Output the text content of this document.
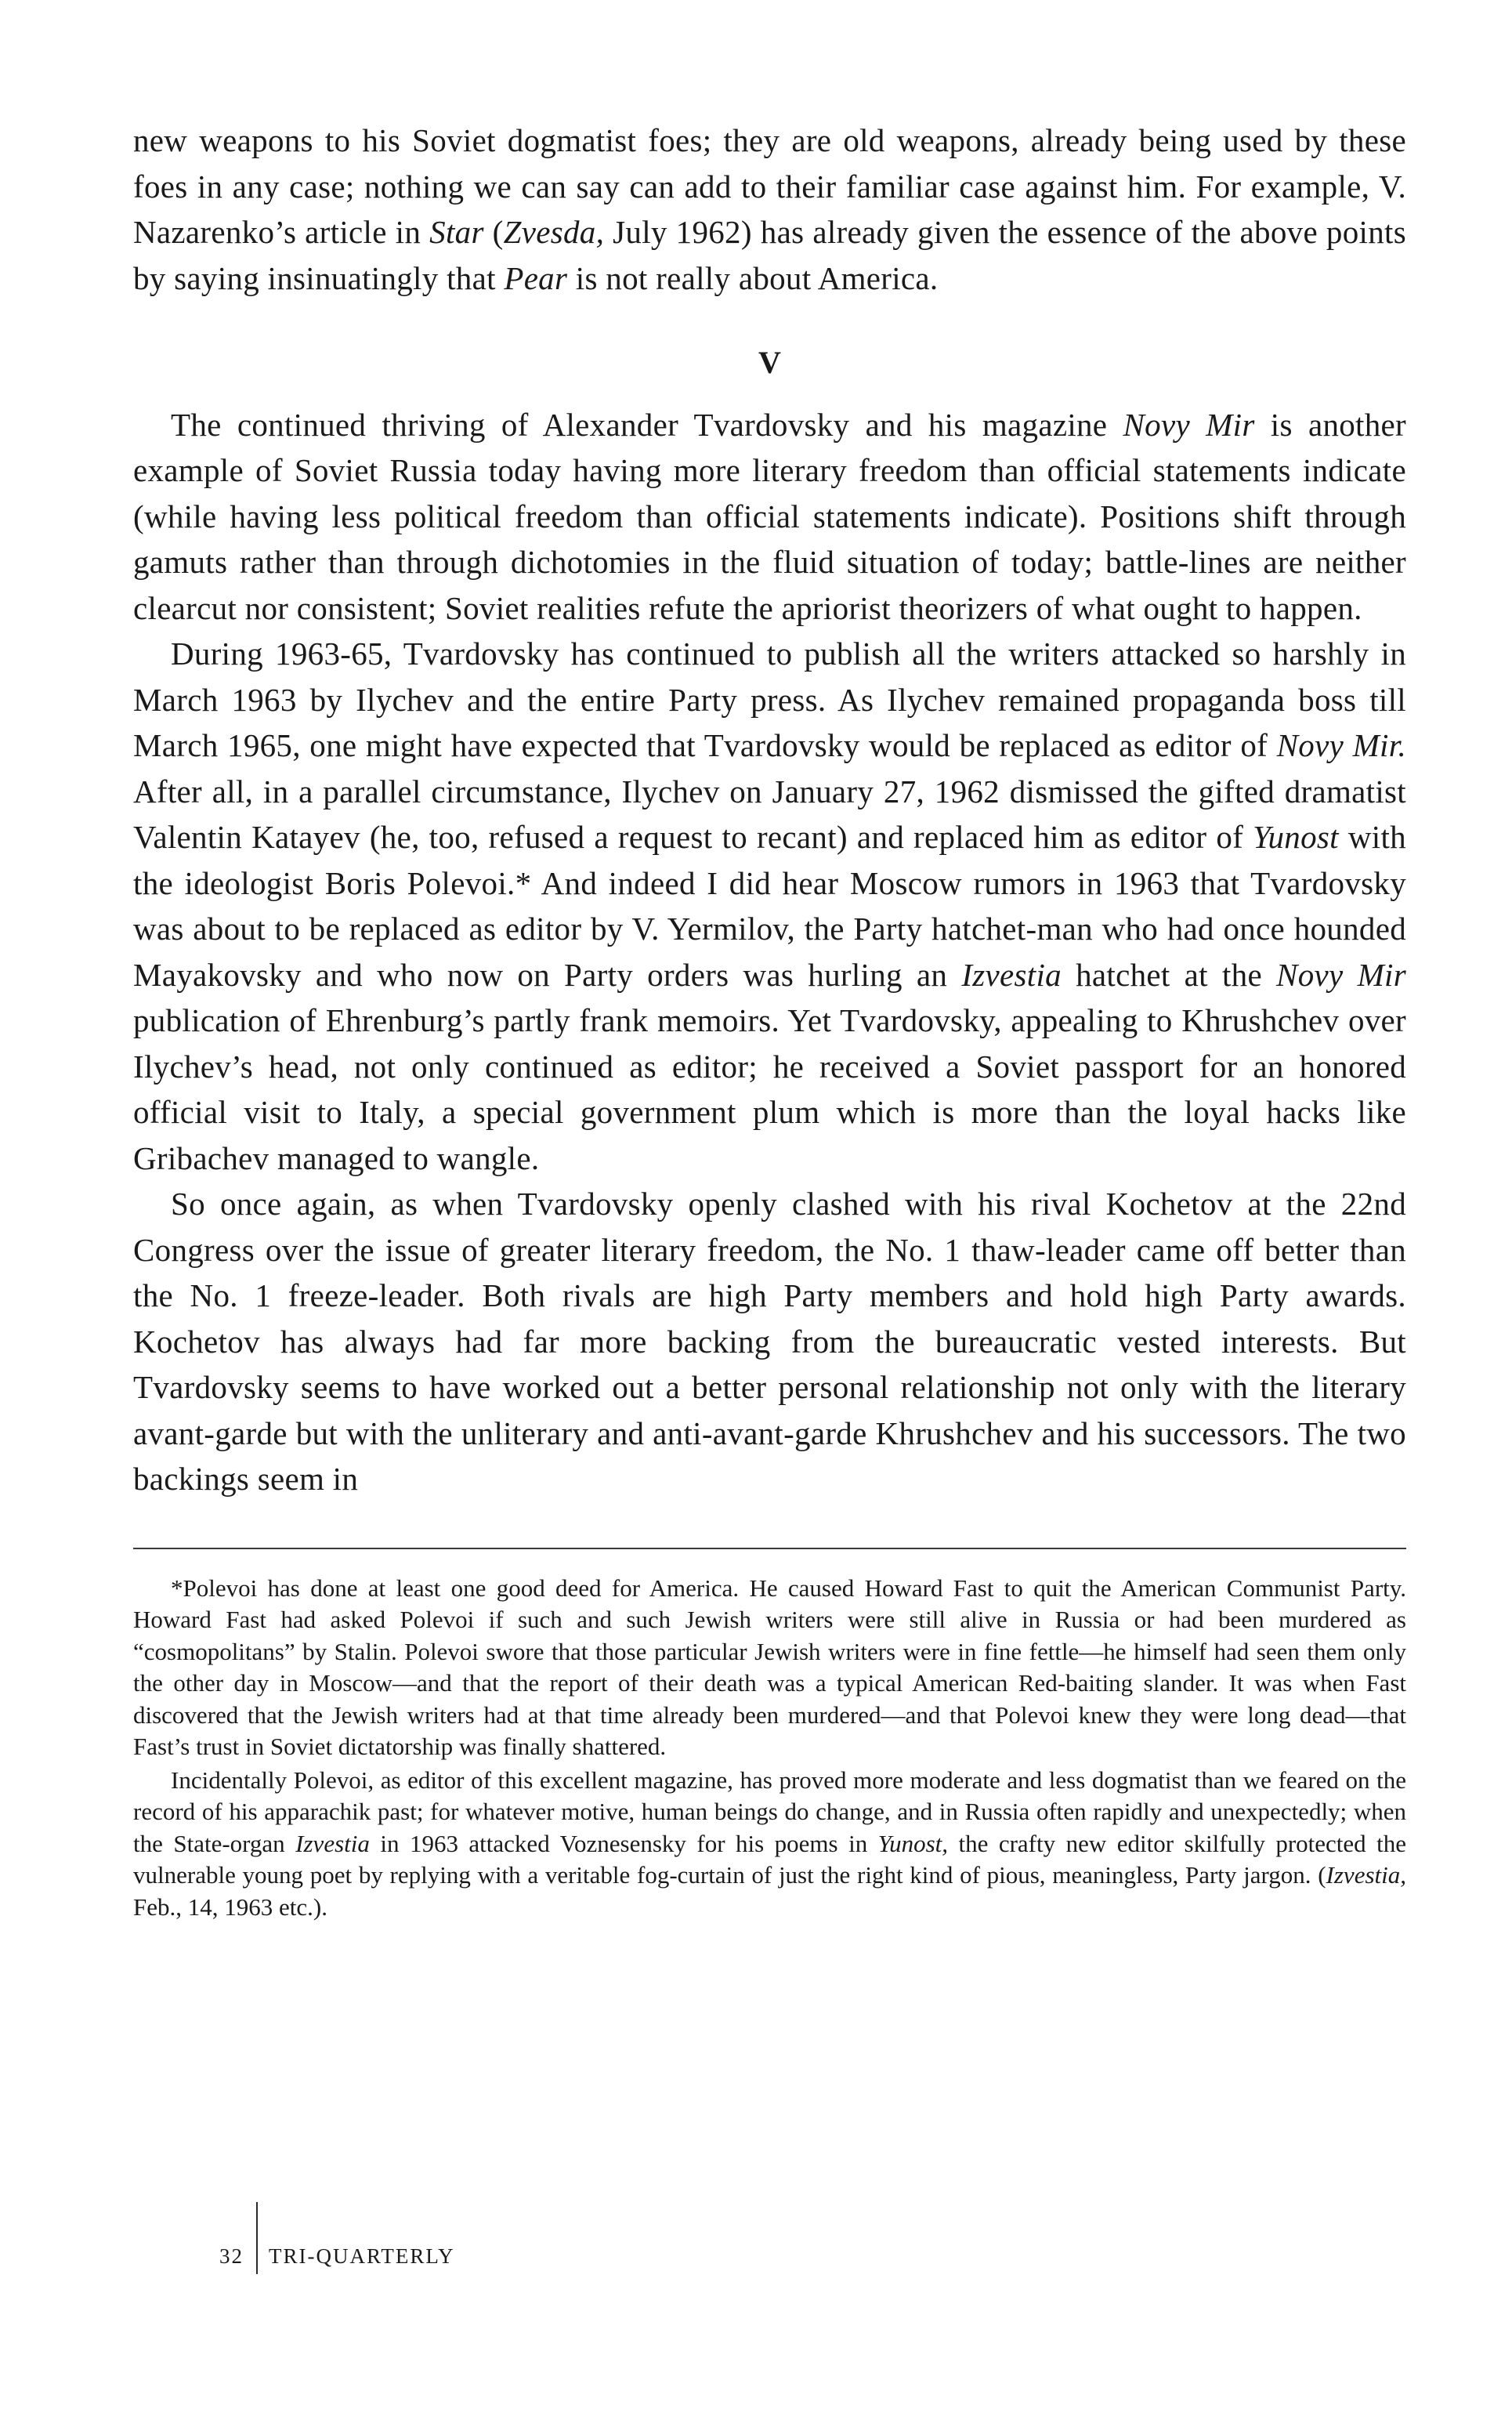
new weapons to his Soviet dogmatist foes; they are old weapons, already being used by these foes in any case; nothing we can say can add to their familiar case against him. For example, V. Nazarenko’s article in Star (Zvesda, July 1962) has already given the essence of the above points by saying insinuatingly that Pear is not really about America.

V

The continued thriving of Alexander Tvardovsky and his magazine Novy Mir is another example of Soviet Russia today having more literary freedom than official statements indicate (while having less political freedom than official statements indicate). Positions shift through gamuts rather than through dichotomies in the fluid situation of today; battle-lines are neither clearcut nor consistent; Soviet realities refute the apriorist theorizers of what ought to happen.

During 1963-65, Tvardovsky has continued to publish all the writers attacked so harshly in March 1963 by Ilychev and the entire Party press. As Ilychev remained propaganda boss till March 1965, one might have expected that Tvardovsky would be replaced as editor of Novy Mir. After all, in a parallel circumstance, Ilychev on January 27, 1962 dismissed the gifted dramatist Valentin Katayev (he, too, refused a request to recant) and replaced him as editor of Yunost with the ideologist Boris Polevoi.* And indeed I did hear Moscow rumors in 1963 that Tvardovsky was about to be replaced as editor by V. Yermilov, the Party hatchet-man who had once hounded Mayakovsky and who now on Party orders was hurling an Izvestia hatchet at the Novy Mir publication of Ehrenburg’s partly frank memoirs. Yet Tvardovsky, appealing to Khrushchev over Ilychev’s head, not only continued as editor; he received a Soviet passport for an honored official visit to Italy, a special government plum which is more than the loyal hacks like Gribachev managed to wangle.

So once again, as when Tvardovsky openly clashed with his rival Kochetov at the 22nd Congress over the issue of greater literary freedom, the No. 1 thaw-leader came off better than the No. 1 freeze-leader. Both rivals are high Party members and hold high Party awards. Kochetov has always had far more backing from the bureaucratic vested interests. But Tvardovsky seems to have worked out a better personal relationship not only with the literary avant-garde but with the unliterary and anti-avant-garde Khrushchev and his successors. The two backings seem in

*Polevoi has done at least one good deed for America. He caused Howard Fast to quit the American Communist Party. Howard Fast had asked Polevoi if such and such Jewish writers were still alive in Russia or had been murdered as “cosmopolitans” by Stalin. Polevoi swore that those particular Jewish writers were in fine fettle—he himself had seen them only the other day in Moscow—and that the report of their death was a typical American Red-baiting slander. It was when Fast discovered that the Jewish writers had at that time already been murdered—and that Polevoi knew they were long dead—that Fast’s trust in Soviet dictatorship was finally shattered.

Incidentally Polevoi, as editor of this excellent magazine, has proved more moderate and less dogmatist than we feared on the record of his apparachik past; for whatever motive, human beings do change, and in Russia often rapidly and unexpectedly; when the State-organ Izvestia in 1963 attacked Voznesensky for his poems in Yunost, the crafty new editor skilfully protected the vulnerable young poet by replying with a veritable fog-curtain of just the right kind of pious, meaningless, Party jargon. (Izvestia, Feb., 14, 1963 etc.).

32	TRI-QUARTERLY
